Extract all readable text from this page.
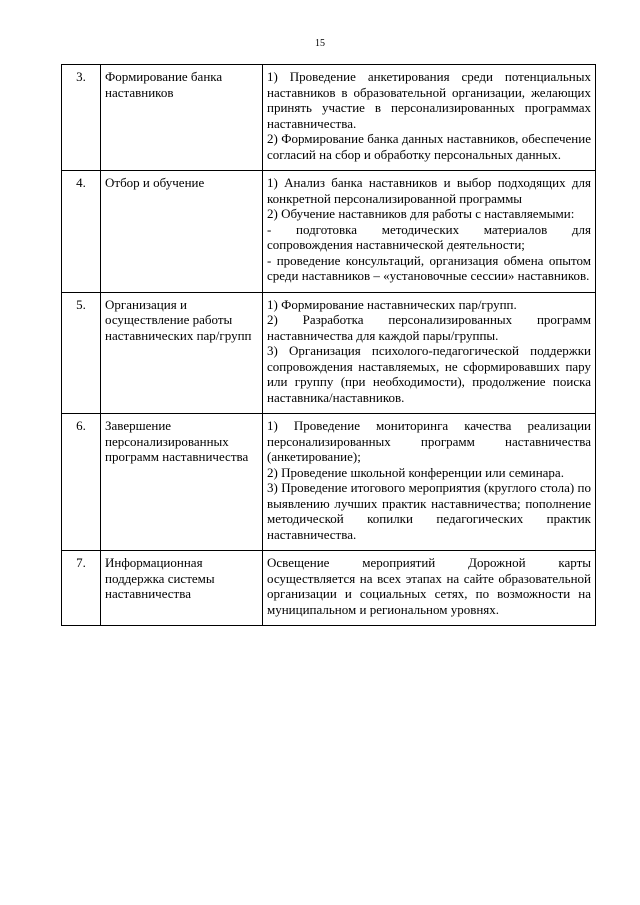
15
3.	Формирование банка наставников	1) Проведение анкетирования среди потенциальных наставников в образовательной организации, желающих принять участие в персонализированных программах наставничества.
2) Формирование банка данных наставников, обеспечение согласий на сбор и обработку персональных данных.

4.	Отбор и обучение	1) Анализ банка наставников и выбор подходящих для конкретной персонализированной программы
2) Обучение наставников для работы с наставляемыми:
- подготовка методических материалов для сопровождения наставнической деятельности;
- проведение консультаций, организация обмена опытом среди наставников – «установочные сессии» наставников.

5.	Организация и осуществление работы наставнических пар/групп	1) Формирование наставнических пар/групп.
2) Разработка персонализированных программ наставничества для каждой пары/группы.
3) Организация психолого-педагогической поддержки сопровождения наставляемых, не сформировавших пару или группу (при необходимости), продолжение поиска наставника/наставников.

6.	Завершение персонализированных программ наставничества	1) Проведение мониторинга качества реализации персонализированных программ наставничества (анкетирование);
2) Проведение школьной конференции или семинара.
3) Проведение итогового мероприятия (круглого стола) по выявлению лучших практик наставничества; пополнение методической копилки педагогических практик наставничества.

7.	Информационная поддержка системы наставничества	Освещение мероприятий Дорожной карты осуществляется на всех этапах на сайте образовательной организации и социальных сетях, по возможности на муниципальном и региональном уровнях.
